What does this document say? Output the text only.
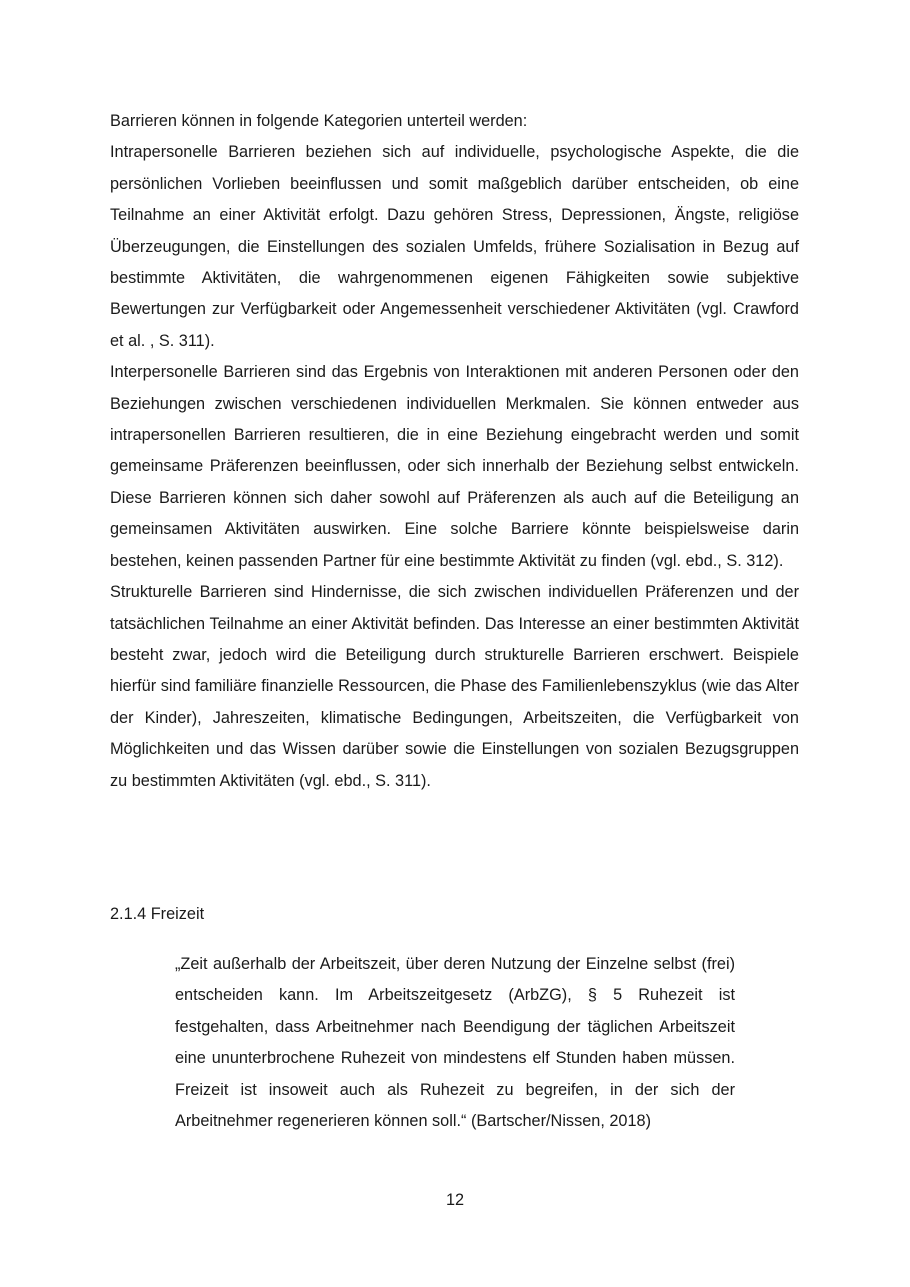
Barrieren können in folgende Kategorien unterteil werden:

Intrapersonelle Barrieren beziehen sich auf individuelle, psychologische Aspekte, die die persönlichen Vorlieben beeinflussen und somit maßgeblich darüber entscheiden, ob eine Teilnahme an einer Aktivität erfolgt. Dazu gehören Stress, Depressionen, Ängste, religiöse Überzeugungen, die Einstellungen des sozialen Umfelds, frühere Sozialisation in Bezug auf bestimmte Aktivitäten, die wahrgenommenen eigenen Fähigkeiten sowie subjektive Bewertungen zur Verfügbarkeit oder Angemessenheit verschiedener Aktivitäten (vgl. Crawford et al. , S. 311).

Interpersonelle Barrieren sind das Ergebnis von Interaktionen mit anderen Personen oder den Beziehungen zwischen verschiedenen individuellen Merkmalen. Sie können entweder aus intrapersonellen Barrieren resultieren, die in eine Beziehung eingebracht werden und somit gemeinsame Präferenzen beeinflussen, oder sich innerhalb der Beziehung selbst entwickeln. Diese Barrieren können sich daher sowohl auf Präferenzen als auch auf die Beteiligung an gemeinsamen Aktivitäten auswirken. Eine solche Barriere könnte beispielsweise darin bestehen, keinen passenden Partner für eine bestimmte Aktivität zu finden (vgl. ebd., S. 312).

Strukturelle Barrieren sind Hindernisse, die sich zwischen individuellen Präferenzen und der tatsächlichen Teilnahme an einer Aktivität befinden. Das Interesse an einer bestimmten Aktivität besteht zwar, jedoch wird die Beteiligung durch strukturelle Barrieren erschwert. Beispiele hierfür sind familiäre finanzielle Ressourcen, die Phase des Familienlebenszyklus (wie das Alter der Kinder), Jahreszeiten, klimatische Bedingungen, Arbeitszeiten, die Verfügbarkeit von Möglichkeiten und das Wissen darüber sowie die Einstellungen von sozialen Bezugsgruppen zu bestimmten Aktivitäten (vgl. ebd., S. 311).

2.1.4 Freizeit

„Zeit außerhalb der Arbeitszeit, über deren Nutzung der Einzelne selbst (frei) entscheiden kann. Im Arbeitszeitgesetz (ArbZG), § 5 Ruhezeit ist festgehalten, dass Arbeitnehmer nach Beendigung der täglichen Arbeitszeit eine ununterbrochene Ruhezeit von mindestens elf Stunden haben müssen. Freizeit ist insoweit auch als Ruhezeit zu begreifen, in der sich der Arbeitnehmer regenerieren können soll.“ (Bartscher/Nissen, 2018)

12
